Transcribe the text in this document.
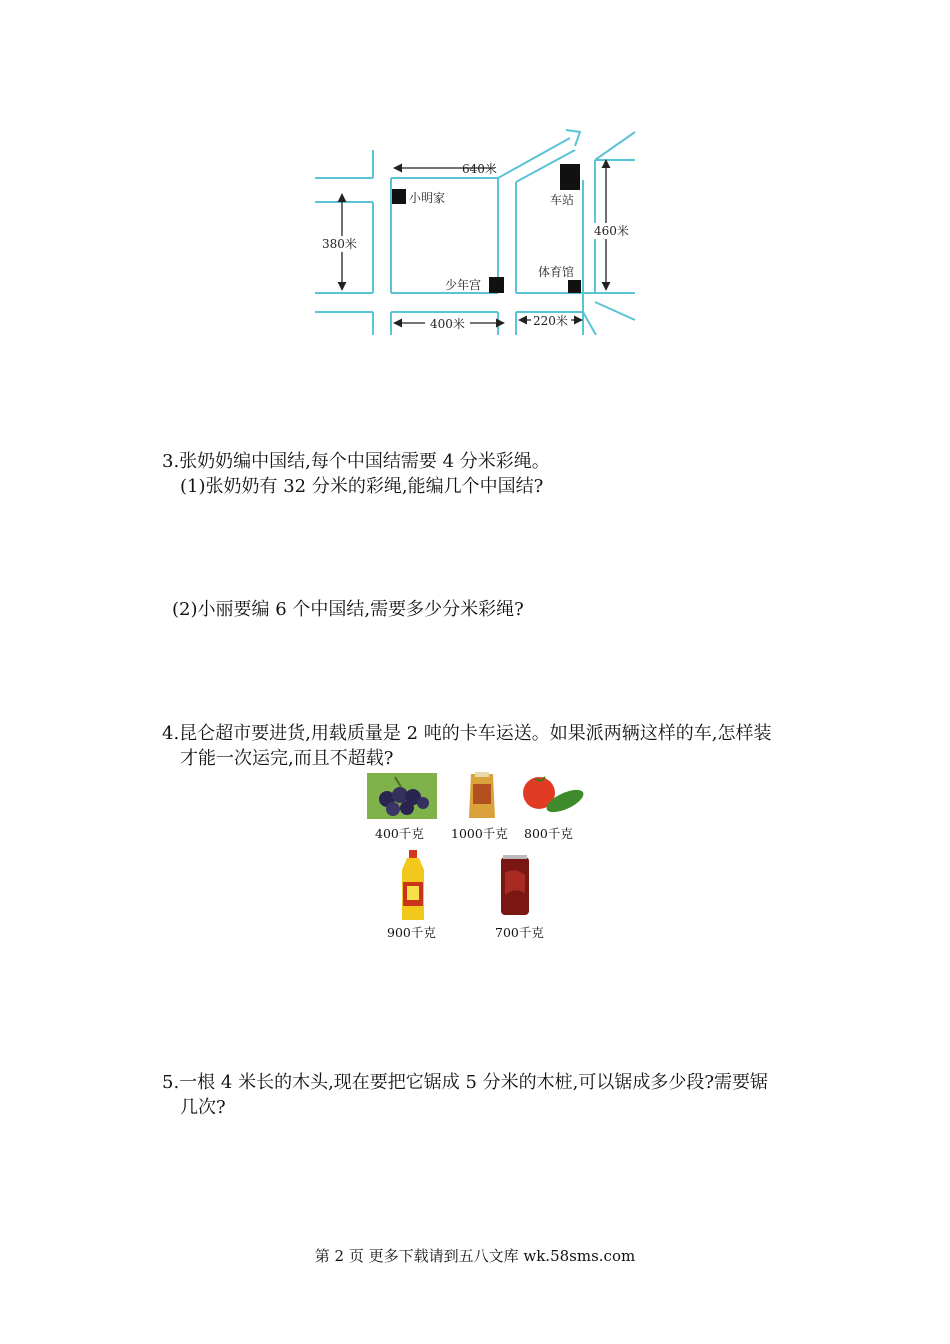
640米
380米
460米
400米	220米
小明家	车站
少年宫
体育馆
3.张奶奶编中国结,每个中国结需要 4 分米彩绳。
(1)张奶奶有 32 分米的彩绳,能编几个中国结?
(2)小丽要编 6 个中国结,需要多少分米彩绳?
4.昆仑超市要进货,用载质量是 2 吨的卡车运送。如果派两辆这样的车,怎样装
才能一次运完,而且不超载?
400千克 1000千克 800千克
900千克	700千克
5.一根 4 米长的木头,现在要把它锯成 5 分米的木桩,可以锯成多少段?需要锯
几次?
第 2 页 更多下载请到五八文库 wk.58sms.com
